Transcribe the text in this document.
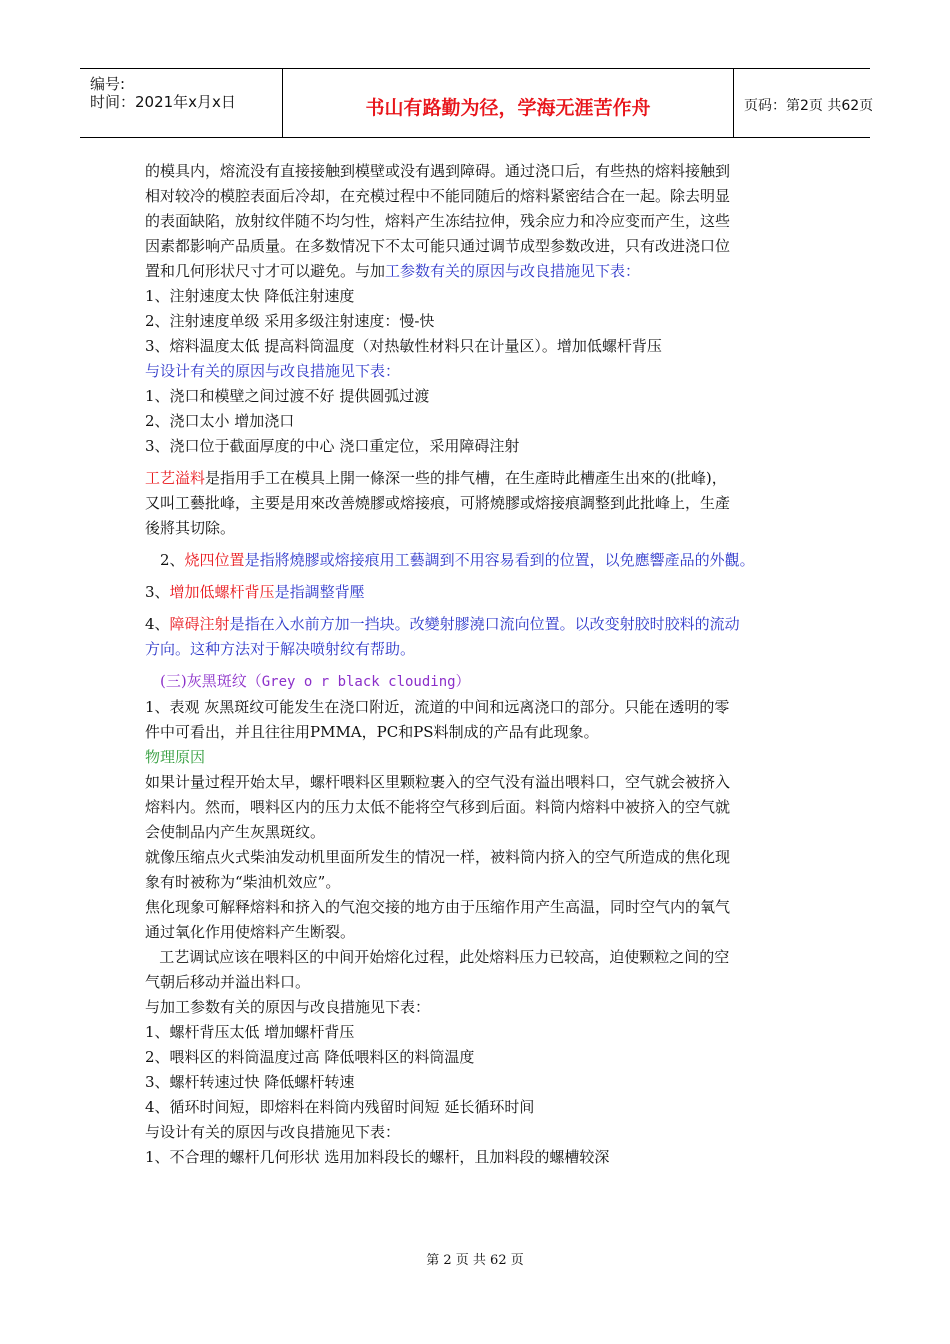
编号:
时间：2021年x月x日	书山有路勤为径，学海无涯苦作舟	页码：第2页 共62页
的模具内，熔流没有直接接触到模壁或没有遇到障碍。通过浇口后，有些热的熔料接触到
相对较冷的模腔表面后冷却，在充模过程中不能同随后的熔料紧密结合在一起。除去明显
的表面缺陷，放射纹伴随不均匀性，熔料产生冻结拉伸，残余应力和冷应变而产生，这些
因素都影响产品质量。在多数情况下不太可能只通过调节成型参数改进，只有改进浇口位
置和几何形状尺寸才可以避免。与加工参数有关的原因与改良措施见下表：
1、注射速度太快 降低注射速度
2、注射速度单级 采用多级注射速度：慢-快
3、熔料温度太低 提高料筒温度（对热敏性材料只在计量区）。增加低螺杆背压
与设计有关的原因与改良措施见下表：
1、浇口和模壁之间过渡不好 提供圆弧过渡
2、浇口太小 增加浇口
3、浇口位于截面厚度的中心 浇口重定位，采用障碍注射
工艺溢料是指用手工在模具上開一條深一些的排气槽，在生產時此槽產生出來的(批峰)，
又叫工藝批峰，主要是用來改善燒膠或熔接痕，可將燒膠或熔接痕調整到此批峰上，生產
後將其切除。
2、烧四位置是指將燒膠或熔接痕用工藝調到不用容易看到的位置，以免應響產品的外觀。
3、增加低螺杆背压是指調整背壓
4、障碍注射是指在入水前方加一挡块。改變射膠澆口流向位置。以改变射胶时胶料的流动
方向。这种方法对于解决喷射纹有帮助。
(三)灰黑斑纹（Grey o r black clouding）
1、表观 灰黑斑纹可能发生在浇口附近，流道的中间和远离浇口的部分。只能在透明的零
件中可看出，并且往往用PMMA，PC和PS料制成的产品有此现象。
物理原因
如果计量过程开始太早，螺杆喂料区里颗粒裹入的空气没有溢出喂料口，空气就会被挤入
熔料内。然而，喂料区内的压力太低不能将空气移到后面。料筒内熔料中被挤入的空气就
会使制品内产生灰黑斑纹。
就像压缩点火式柴油发动机里面所发生的情况一样，被料筒内挤入的空气所造成的焦化现
象有时被称为“柴油机效应”。
焦化现象可解释熔料和挤入的气泡交接的地方由于压缩作用产生高温，同时空气内的氧气
通过氧化作用使熔料产生断裂。
工艺调试应该在喂料区的中间开始熔化过程，此处熔料压力已较高，迫使颗粒之间的空
气朝后移动并溢出料口。
与加工参数有关的原因与改良措施见下表：
1、螺杆背压太低 增加螺杆背压
2、喂料区的料筒温度过高 降低喂料区的料筒温度
3、螺杆转速过快 降低螺杆转速
4、循环时间短，即熔料在料筒内残留时间短 延长循环时间
与设计有关的原因与改良措施见下表：
1、不合理的螺杆几何形状 选用加料段长的螺杆，且加料段的螺槽较深
第 2 页 共 62 页
